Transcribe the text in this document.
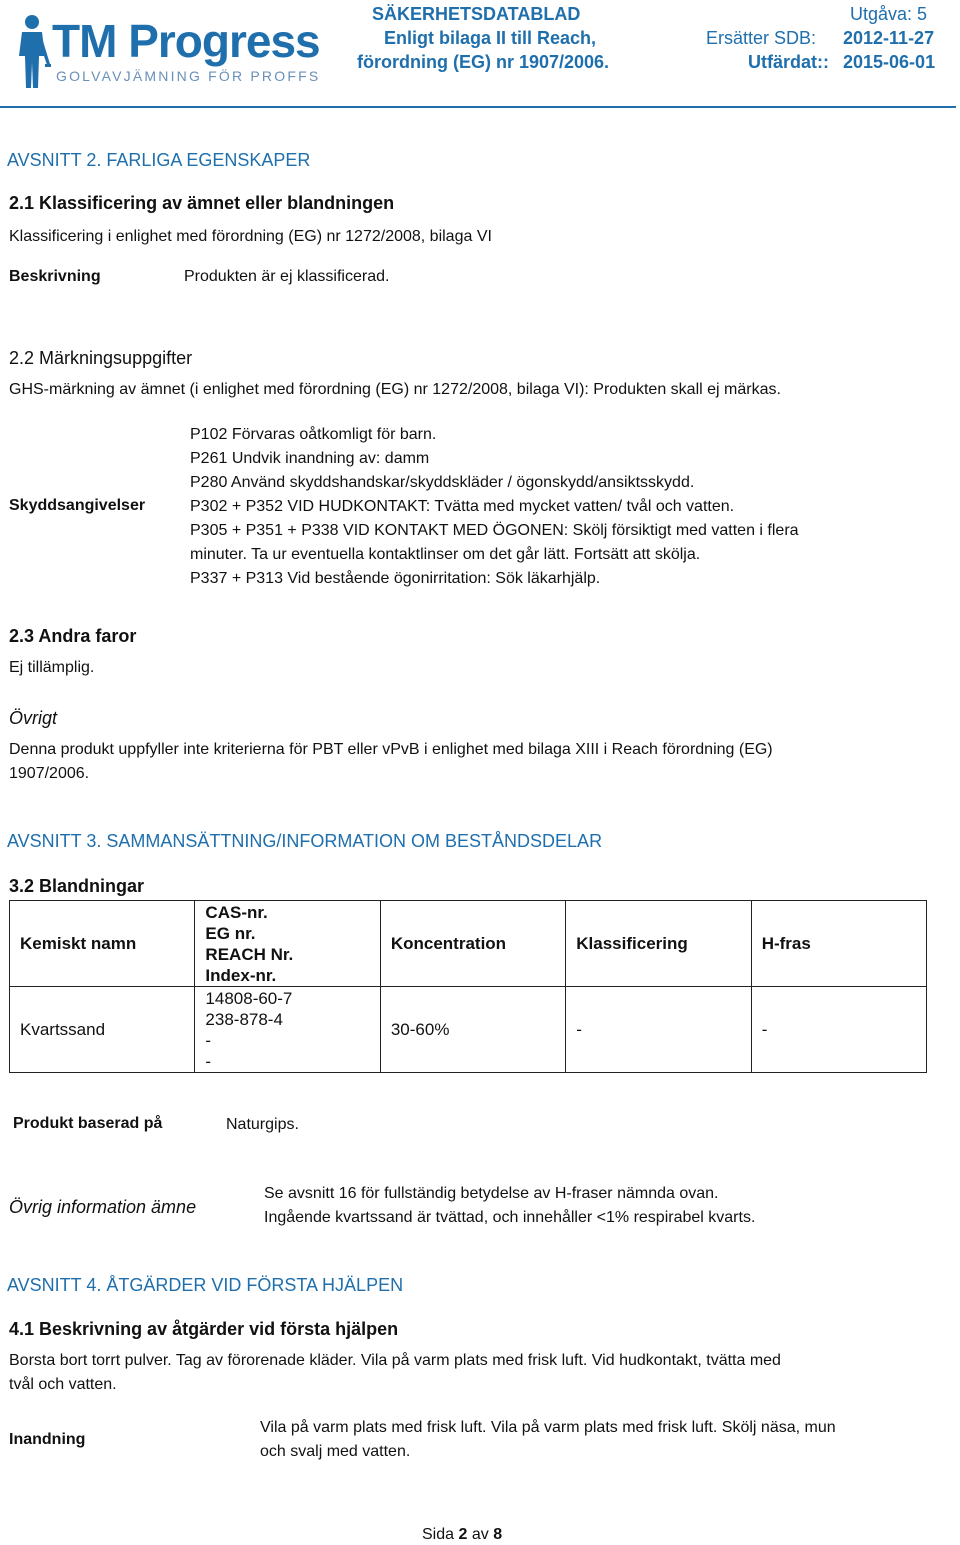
TM Progress
GOLVAVJÄMNING FÖR PROFFS
SÄKERHETSDATABLAD
Enligt bilaga II till Reach,
förordning (EG) nr 1907/2006.
Utgåva: 5
Ersätter SDB: 2012-11-27
Utfärdat:: 2015-06-01
AVSNITT 2. FARLIGA EGENSKAPER
2.1 Klassificering av ämnet eller blandningen
Klassificering i enlighet med förordning (EG) nr 1272/2008, bilaga VI
Beskrivning	Produkten är ej klassificerad.
2.2 Märkningsuppgifter
GHS-märkning av ämnet (i enlighet med förordning (EG) nr 1272/2008, bilaga VI): Produkten skall ej märkas.
Skyddsangivelser
P102 Förvaras oåtkomligt för barn.
P261 Undvik inandning av: damm
P280 Använd skyddshandskar/skyddskläder / ögonskydd/ansiktsskydd.
P302 + P352 VID HUDKONTAKT: Tvätta med mycket vatten/ tvål och vatten.
P305 + P351 + P338 VID KONTAKT MED ÖGONEN: Skölj försiktigt med vatten i flera
minuter. Ta ur eventuella kontaktlinser om det går lätt. Fortsätt att skölja.
P337 + P313 Vid bestående ögonirritation: Sök läkarhjälp.
2.3 Andra faror
Ej tillämplig.
Övrigt
Denna produkt uppfyller inte kriterierna för PBT eller vPvB i enlighet med bilaga XIII i Reach förordning (EG)
1907/2006.
AVSNITT 3. SAMMANSÄTTNING/INFORMATION OM BESTÅNDSDELAR
3.2 Blandningar
Kemiskt namn	CAS-nr.
EG nr.
REACH Nr.
Index-nr.	Koncentration	Klassificering	H-fras
Kvartssand	14808-60-7
238-878-4
-
-	30-60%	-	-
Produkt baserad på	Naturgips.
Övrig information ämne
Se avsnitt 16 för fullständig betydelse av H-fraser nämnda ovan.
Ingående kvartssand är tvättad, och innehåller <1% respirabel kvarts.
AVSNITT 4. ÅTGÄRDER VID FÖRSTA HJÄLPEN
4.1 Beskrivning av åtgärder vid första hjälpen
Borsta bort torrt pulver. Tag av förorenade kläder. Vila på varm plats med frisk luft. Vid hudkontakt, tvätta med
tvål och vatten.
Inandning
Vila på varm plats med frisk luft. Vila på varm plats med frisk luft. Skölj näsa, mun
och svalj med vatten.
Sida 2 av 8
